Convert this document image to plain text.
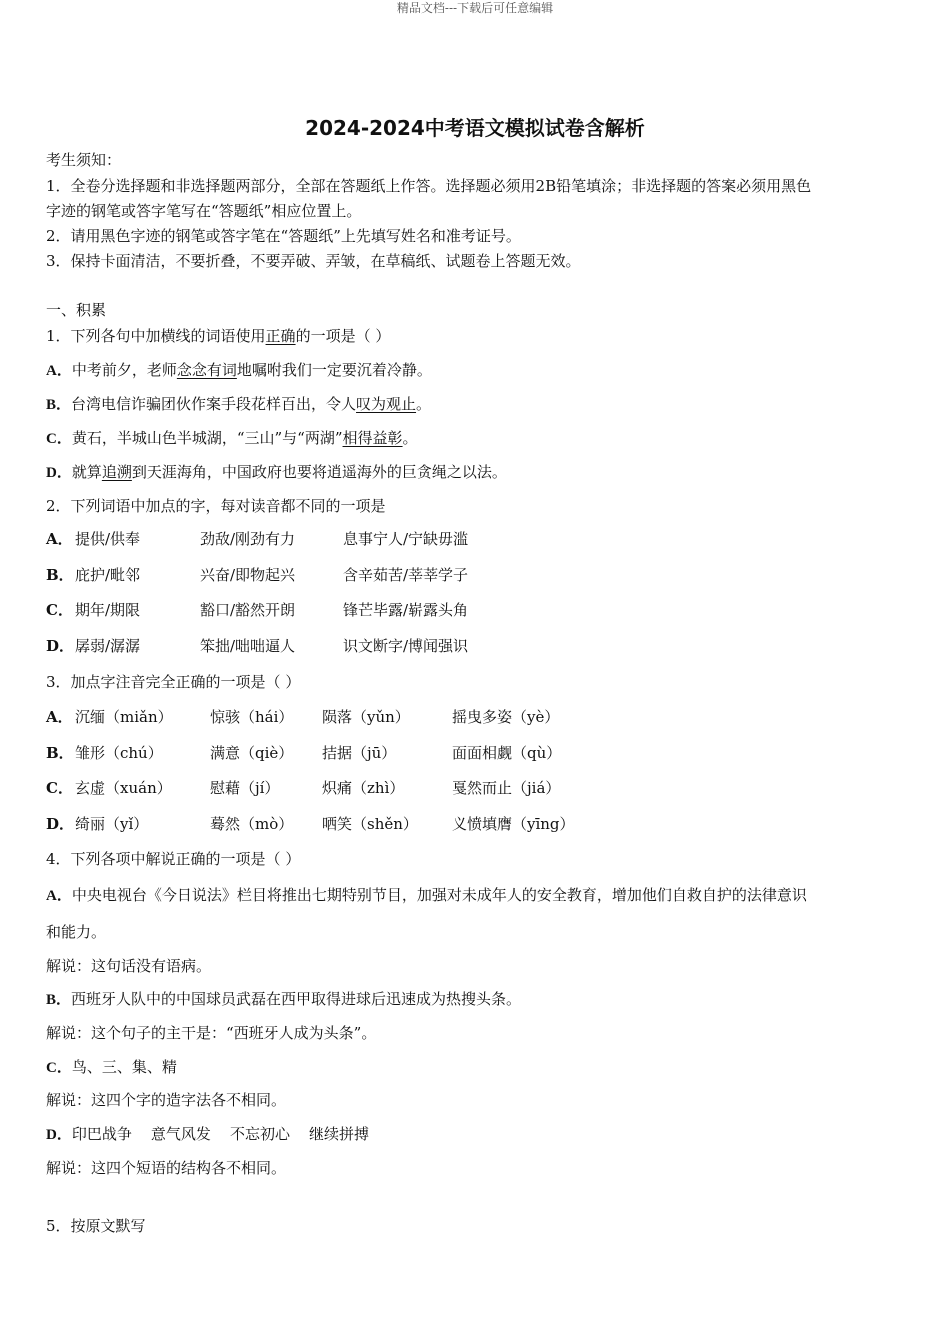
精品文档---下载后可任意编辑
2024-2024中考语文模拟试卷含解析
考生须知：
1．全卷分选择题和非选择题两部分，全部在答题纸上作答。选择题必须用2B铅笔填涂；非选择题的答案必须用黑色
字迹的钢笔或答字笔写在“答题纸”相应位置上。
2．请用黑色字迹的钢笔或答字笔在“答题纸”上先填写姓名和准考证号。
3．保持卡面清洁，不要折叠，不要弄破、弄皱，在草稿纸、试题卷上答题无效。
一、积累
1．下列各句中加横线的词语使用正确的一项是（ ）
A．中考前夕，老师念念有词地嘱咐我们一定要沉着冷静。
B．台湾电信诈骗团伙作案手段花样百出，令人叹为观止。
C．黄石，半城山色半城湖，“三山”与“两湖”相得益彰。
D．就算追溯到天涯海角，中国政府也要将逍遥海外的巨贪绳之以法。
2．下列词语中加点的字，每对读音都不同的一项是
A． 提供/供奉	劲敌/刚劲有力	息事宁人/宁缺毋滥
B． 庇护/毗邻	兴奋/即物起兴	含辛茹苦/莘莘学子
C． 期年/期限	豁口/豁然开朗	锋芒毕露/崭露头角
D． 孱弱/潺潺	笨拙/咄咄逼人	识文断字/博闻强识
3．加点字注音完全正确的一项是（ ）
A． 沉缅（miǎn） 惊骇（hái） 陨落（yǔn）	摇曳多姿（yè）
B． 雏形（chú）	满意（qiè） 拮据（jū）	面面相觑（qù）
C． 玄虚（xuán）	慰藉（jí）	炽痛（zhì）	戛然而止（jiá）
D． 绮丽（yǐ）	蓦然（mò） 哂笑（shěn） 义愤填膺（yīng）
4．下列各项中解说正确的一项是（ ）
A．中央电视台《今日说法》栏目将推出七期特别节目，加强对未成年人的安全教育，增加他们自救自护的法律意识
和能力。
解说：这句话没有语病。
B．西班牙人队中的中国球员武磊在西甲取得进球后迅速成为热搜头条。
解说：这个句子的主干是：“西班牙人成为头条”。
C．鸟、三、集、精
解说：这四个字的造字法各不相同。
D．印巴战争    意气风发    不忘初心    继续拼搏
解说：这四个短语的结构各不相同。
5．按原文默写
